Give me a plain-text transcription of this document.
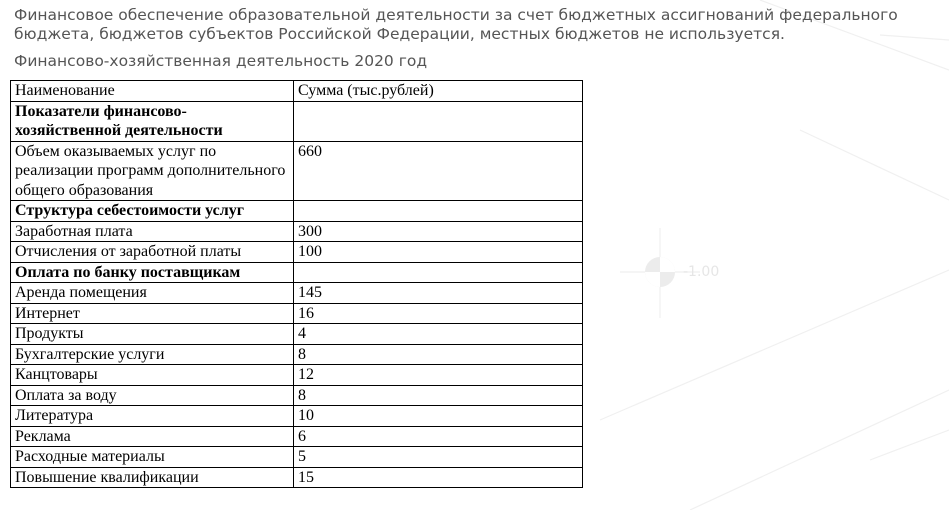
-1.00

Финансовое обеспечение образовательной деятельности за счет бюджетных ассигнований федерального бюджета, бюджетов субъектов Российской Федерации, местных бюджетов не используется.

Финансово-хозяйственная деятельность 2020 год
Наименование	Сумма (тыс.рублей)
Показатели финансово-хозяйственной деятельности	
Объем оказываемых услуг по реализации программ дополнительного общего образования	660
Структура себестоимости услуг	
Заработная плата	300
Отчисления от заработной платы	100
Оплата по банку поставщикам	
Аренда помещения	145
Интернет	16
Продукты	4
Бухгалтерские услуги	8
Канцтовары	12
Оплата за воду	8
Литература	10
Реклама	6
Расходные материалы	5
Повышение квалификации	15
